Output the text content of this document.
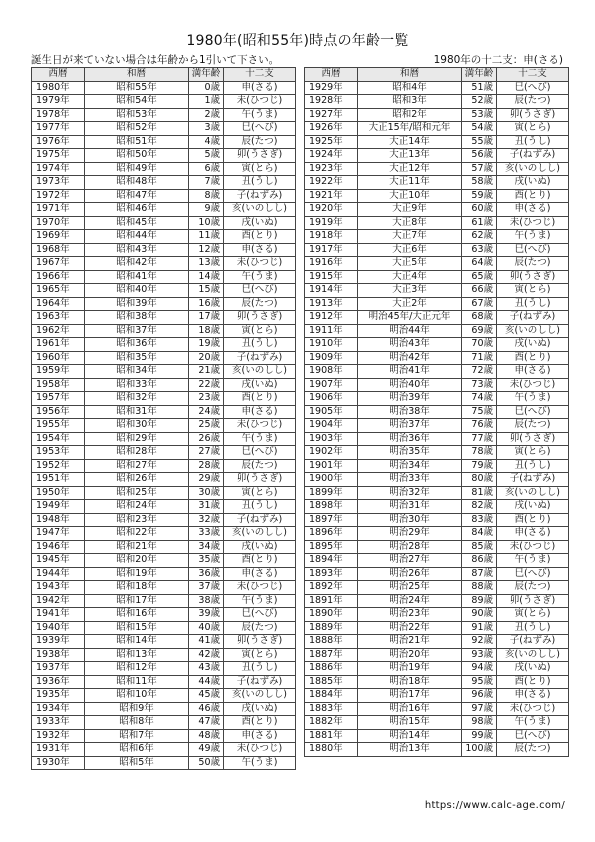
1980年(昭和55年)時点の年齢一覧
誕生日が来ていない場合は年齢から1引いて下さい。	1980年の十二支：申(さる)
西暦	和暦	満年齢	十二支
1980年	昭和55年	0歳	申(さる)
1979年	昭和54年	1歳	未(ひつじ)
1978年	昭和53年	2歳	午(うま)
1977年	昭和52年	3歳	巳(へび)
1976年	昭和51年	4歳	辰(たつ)
1975年	昭和50年	5歳	卯(うさぎ)
1974年	昭和49年	6歳	寅(とら)
1973年	昭和48年	7歳	丑(うし)
1972年	昭和47年	8歳	子(ねずみ)
1971年	昭和46年	9歳	亥(いのしし)
1970年	昭和45年	10歳	戌(いぬ)
1969年	昭和44年	11歳	酉(とり)
1968年	昭和43年	12歳	申(さる)
1967年	昭和42年	13歳	未(ひつじ)
1966年	昭和41年	14歳	午(うま)
1965年	昭和40年	15歳	巳(へび)
1964年	昭和39年	16歳	辰(たつ)
1963年	昭和38年	17歳	卯(うさぎ)
1962年	昭和37年	18歳	寅(とら)
1961年	昭和36年	19歳	丑(うし)
1960年	昭和35年	20歳	子(ねずみ)
1959年	昭和34年	21歳	亥(いのしし)
1958年	昭和33年	22歳	戌(いぬ)
1957年	昭和32年	23歳	酉(とり)
1956年	昭和31年	24歳	申(さる)
1955年	昭和30年	25歳	未(ひつじ)
1954年	昭和29年	26歳	午(うま)
1953年	昭和28年	27歳	巳(へび)
1952年	昭和27年	28歳	辰(たつ)
1951年	昭和26年	29歳	卯(うさぎ)
1950年	昭和25年	30歳	寅(とら)
1949年	昭和24年	31歳	丑(うし)
1948年	昭和23年	32歳	子(ねずみ)
1947年	昭和22年	33歳	亥(いのしし)
1946年	昭和21年	34歳	戌(いぬ)
1945年	昭和20年	35歳	酉(とり)
1944年	昭和19年	36歳	申(さる)
1943年	昭和18年	37歳	未(ひつじ)
1942年	昭和17年	38歳	午(うま)
1941年	昭和16年	39歳	巳(へび)
1940年	昭和15年	40歳	辰(たつ)
1939年	昭和14年	41歳	卯(うさぎ)
1938年	昭和13年	42歳	寅(とら)
1937年	昭和12年	43歳	丑(うし)
1936年	昭和11年	44歳	子(ねずみ)
1935年	昭和10年	45歳	亥(いのしし)
1934年	昭和9年	46歳	戌(いぬ)
1933年	昭和8年	47歳	酉(とり)
1932年	昭和7年	48歳	申(さる)
1931年	昭和6年	49歳	未(ひつじ)
1930年	昭和5年	50歳	午(うま)
西暦	和暦	満年齢	十二支
1929年	昭和4年	51歳	巳(へび)
1928年	昭和3年	52歳	辰(たつ)
1927年	昭和2年	53歳	卯(うさぎ)
1926年	大正15年/昭和元年	54歳	寅(とら)
1925年	大正14年	55歳	丑(うし)
1924年	大正13年	56歳	子(ねずみ)
1923年	大正12年	57歳	亥(いのしし)
1922年	大正11年	58歳	戌(いぬ)
1921年	大正10年	59歳	酉(とり)
1920年	大正9年	60歳	申(さる)
1919年	大正8年	61歳	未(ひつじ)
1918年	大正7年	62歳	午(うま)
1917年	大正6年	63歳	巳(へび)
1916年	大正5年	64歳	辰(たつ)
1915年	大正4年	65歳	卯(うさぎ)
1914年	大正3年	66歳	寅(とら)
1913年	大正2年	67歳	丑(うし)
1912年	明治45年/大正元年	68歳	子(ねずみ)
1911年	明治44年	69歳	亥(いのしし)
1910年	明治43年	70歳	戌(いぬ)
1909年	明治42年	71歳	酉(とり)
1908年	明治41年	72歳	申(さる)
1907年	明治40年	73歳	未(ひつじ)
1906年	明治39年	74歳	午(うま)
1905年	明治38年	75歳	巳(へび)
1904年	明治37年	76歳	辰(たつ)
1903年	明治36年	77歳	卯(うさぎ)
1902年	明治35年	78歳	寅(とら)
1901年	明治34年	79歳	丑(うし)
1900年	明治33年	80歳	子(ねずみ)
1899年	明治32年	81歳	亥(いのしし)
1898年	明治31年	82歳	戌(いぬ)
1897年	明治30年	83歳	酉(とり)
1896年	明治29年	84歳	申(さる)
1895年	明治28年	85歳	未(ひつじ)
1894年	明治27年	86歳	午(うま)
1893年	明治26年	87歳	巳(へび)
1892年	明治25年	88歳	辰(たつ)
1891年	明治24年	89歳	卯(うさぎ)
1890年	明治23年	90歳	寅(とら)
1889年	明治22年	91歳	丑(うし)
1888年	明治21年	92歳	子(ねずみ)
1887年	明治20年	93歳	亥(いのしし)
1886年	明治19年	94歳	戌(いぬ)
1885年	明治18年	95歳	酉(とり)
1884年	明治17年	96歳	申(さる)
1883年	明治16年	97歳	未(ひつじ)
1882年	明治15年	98歳	午(うま)
1881年	明治14年	99歳	巳(へび)
1880年	明治13年	100歳	辰(たつ)
https://www.calc-age.com/
